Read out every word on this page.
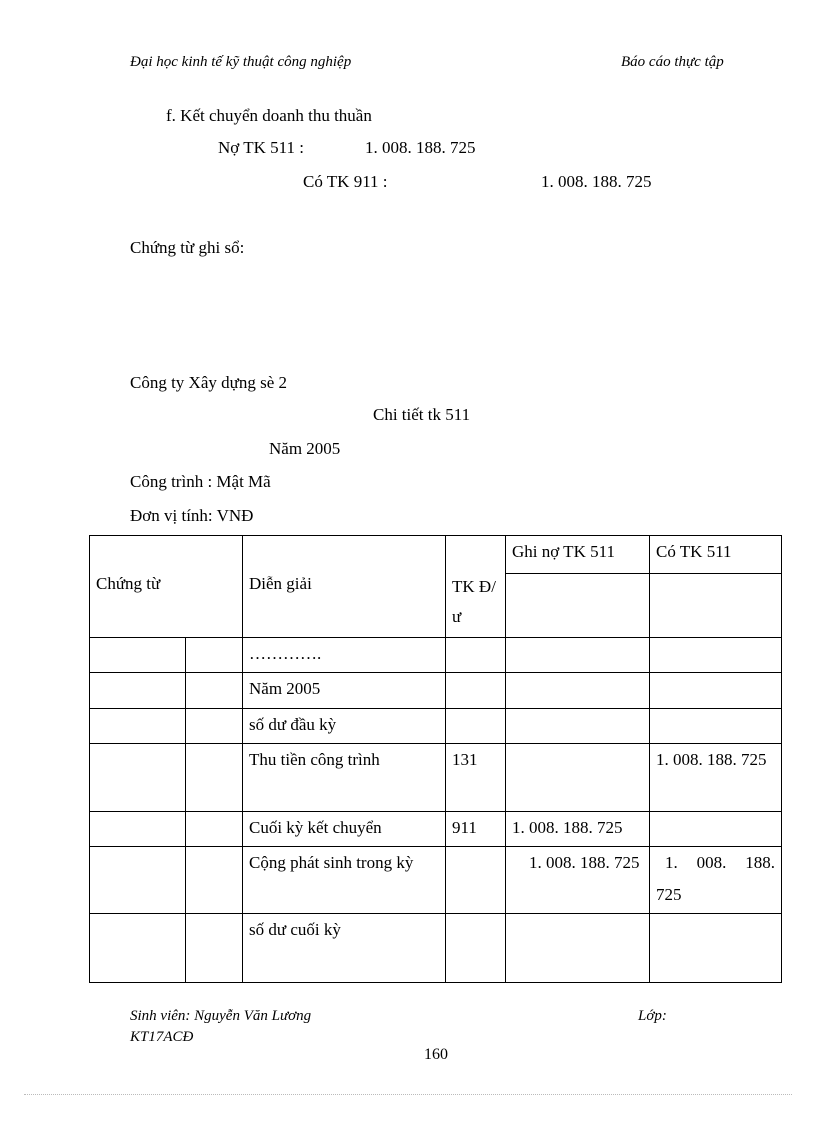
Đại học kinh tế kỹ thuật công nghiệp	Báo cáo thực tập
f. Kết chuyển doanh thu thuần
Nợ TK 511 :	1. 008. 188. 725
Có TK 911 :	1. 008. 188. 725
Chứng từ ghi sổ:
Công ty Xây dựng sè 2
Chi tiết tk 511
Năm 2005
Công trình : Mật Mã
Đơn vị tính: VNĐ
Chứng từ		Diễn giải	TK Đ/ ư	Ghi nợ TK 511	Có TK 511

		………….			
		Năm 2005			
		số dư đầu kỳ			
		Thu tiền công trình	131		1. 008. 188. 725
		Cuối kỳ kết chuyển	911	1. 008. 188. 725	
		Cộng phát sinh trong kỳ		1. 008. 188. 725	1. 008. 188. 725
		số dư cuối kỳ			
Sinh viên: Nguyễn Văn Lương	Lớp:
KT17ACĐ
160
